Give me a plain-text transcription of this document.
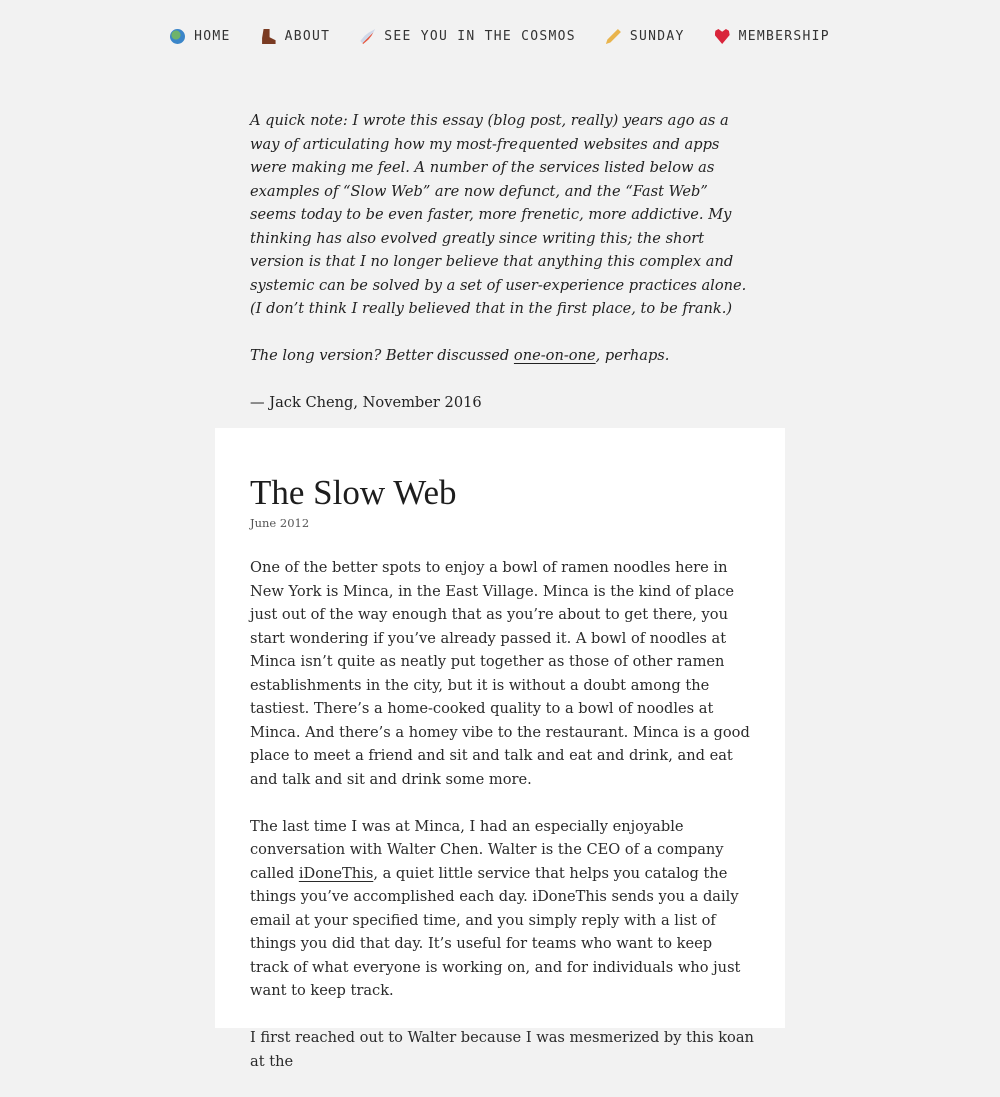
HOME	ABOUT	SEE YOU IN THE COSMOS	SUNDAY	MEMBERSHIP

A quick note: I wrote this essay (blog post, really) years ago as a way of articulating how my most-frequented websites and apps were making me feel. A number of the services listed below as examples of “Slow Web” are now defunct, and the “Fast Web” seems today to be even faster, more frenetic, more addictive. My thinking has also evolved greatly since writing this; the short version is that I no longer believe that anything this complex and systemic can be solved by a set of user-experience practices alone. (I don’t think I really believed that in the first place, to be frank.)

The long version? Better discussed one-on-one, perhaps.

— Jack Cheng, November 2016

The Slow Web
June 2012

One of the better spots to enjoy a bowl of ramen noodles here in New York is Minca, in the East Village. Minca is the kind of place just out of the way enough that as you’re about to get there, you start wondering if you’ve already passed it. A bowl of noodles at Minca isn’t quite as neatly put together as those of other ramen establishments in the city, but it is without a doubt among the tastiest. There’s a home-cooked quality to a bowl of noodles at Minca. And there’s a homey vibe to the restaurant. Minca is a good place to meet a friend and sit and talk and eat and drink, and eat and talk and sit and drink some more.

The last time I was at Minca, I had an especially enjoyable conversation with Walter Chen. Walter is the CEO of a company called iDoneThis, a quiet little service that helps you catalog the things you’ve accomplished each day. iDoneThis sends you a daily email at your specified time, and you simply reply with a list of things you did that day. It’s useful for teams who want to keep track of what everyone is working on, and for individuals who just want to keep track.

I first reached out to Walter because I was mesmerized by this koan at the
